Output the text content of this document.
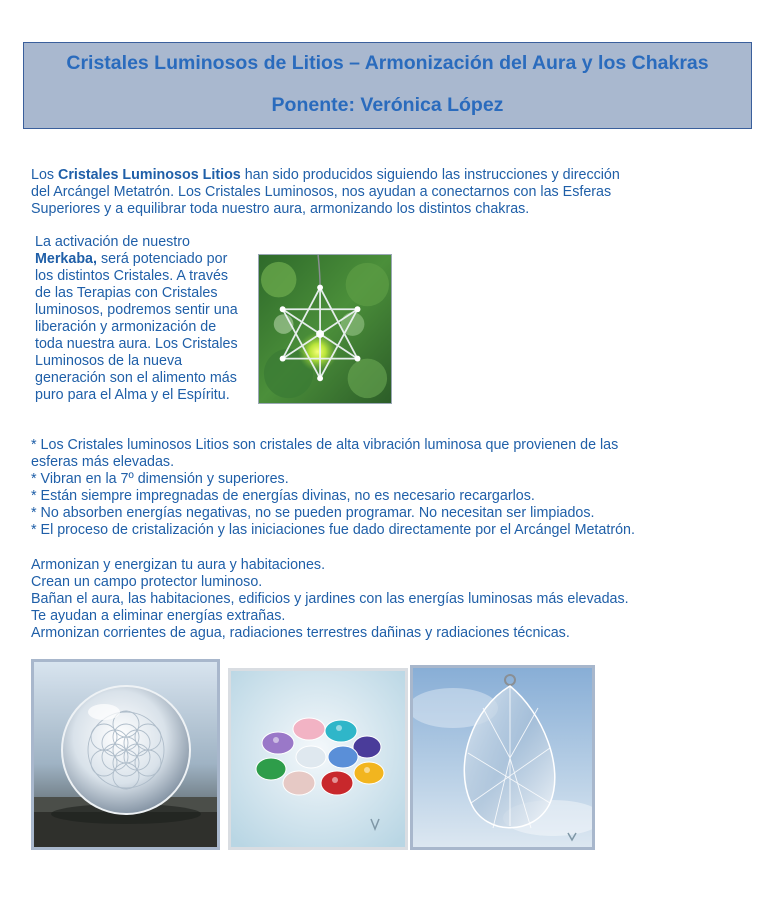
Cristales Luminosos de Litios – Armonización del Aura y los Chakras
Ponente: Verónica López
Los Cristales Luminosos Litios han sido producidos siguiendo las instrucciones y dirección
del Arcángel Metatrón. Los Cristales Luminosos, nos ayudan a conectarnos con las Esferas
Superiores y a equilibrar toda nuestro aura, armonizando los distintos chakras.
La activación de nuestro
Merkaba, será potenciado por
los distintos Cristales. A través
de las Terapias con Cristales
luminosos, podremos sentir una
liberación y armonización de
toda nuestra aura. Los Cristales
Luminosos de la nueva
generación son el alimento más
puro para el Alma y el Espíritu.
* Los Cristales luminosos Litios son cristales de alta vibración luminosa que provienen de las
esferas más elevadas.
* Vibran en la 7º dimensión y superiores.
* Están siempre impregnadas de energías divinas, no es necesario recargarlos.
* No absorben energías negativas, no se pueden programar. No necesitan ser limpiados.
* El proceso de cristalización y las iniciaciones fue dado directamente por el Arcángel Metatrón.
Armonizan y energizan tu aura y habitaciones.
Crean un campo protector luminoso.
Bañan el aura, las habitaciones, edificios y jardines con las energías luminosas más elevadas.
Te ayudan a eliminar energías extrañas.
Armonizan corrientes de agua, radiaciones terrestres dañinas y radiaciones técnicas.
